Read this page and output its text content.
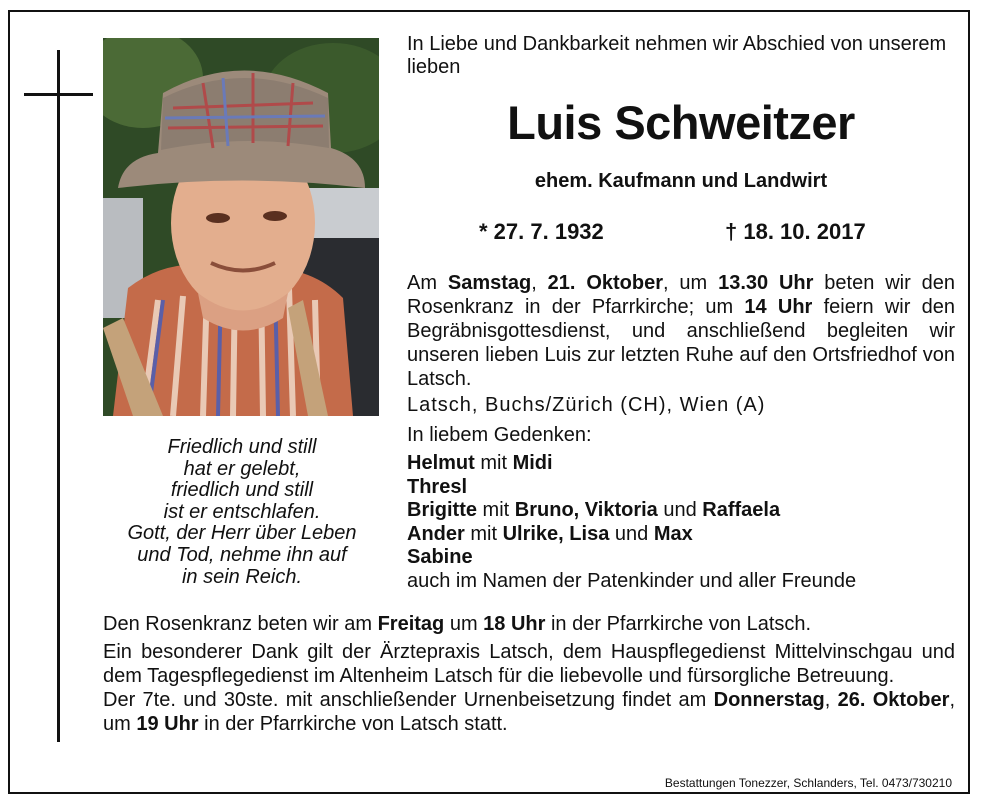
Friedlich und still
hat er gelebt,
friedlich und still
ist er entschlafen.
Gott, der Herr über Leben
und Tod, nehme ihn auf
in sein Reich.
In Liebe und Dankbarkeit nehmen wir Abschied von unserem lieben
Luis Schweitzer
ehem. Kaufmann und Landwirt
* 27. 7. 1932	† 18. 10. 2017

Am Samstag, 21. Oktober, um 13.30 Uhr beten wir den Rosenkranz in der Pfarrkirche; um 14 Uhr feiern wir den Begräbnisgottesdienst, und anschließend begleiten wir unseren lieben Luis zur letzten Ruhe auf den Ortsfriedhof von Latsch.

Latsch, Buchs/Zürich (CH), Wien (A)
In liebem Gedenken:
Helmut mit Midi
Thresl
Brigitte mit Bruno, Viktoria und Raffaela
Ander mit Ulrike, Lisa und Max
Sabine
auch im Namen der Patenkinder und aller Freunde

Den Rosenkranz beten wir am Freitag um 18 Uhr in der Pfarrkirche von Latsch.

Ein besonderer Dank gilt der Ärztepraxis Latsch, dem Hauspflegedienst Mittelvinschgau und dem Tagespflegedienst im Altenheim Latsch für die liebevolle und fürsorgliche Betreuung.

Der 7te. und 30ste. mit anschließender Urnenbeisetzung findet am Donnerstag, 26. Oktober, um 19 Uhr in der Pfarrkirche von Latsch statt.

Bestattungen Tonezzer, Schlanders, Tel. 0473/730210
